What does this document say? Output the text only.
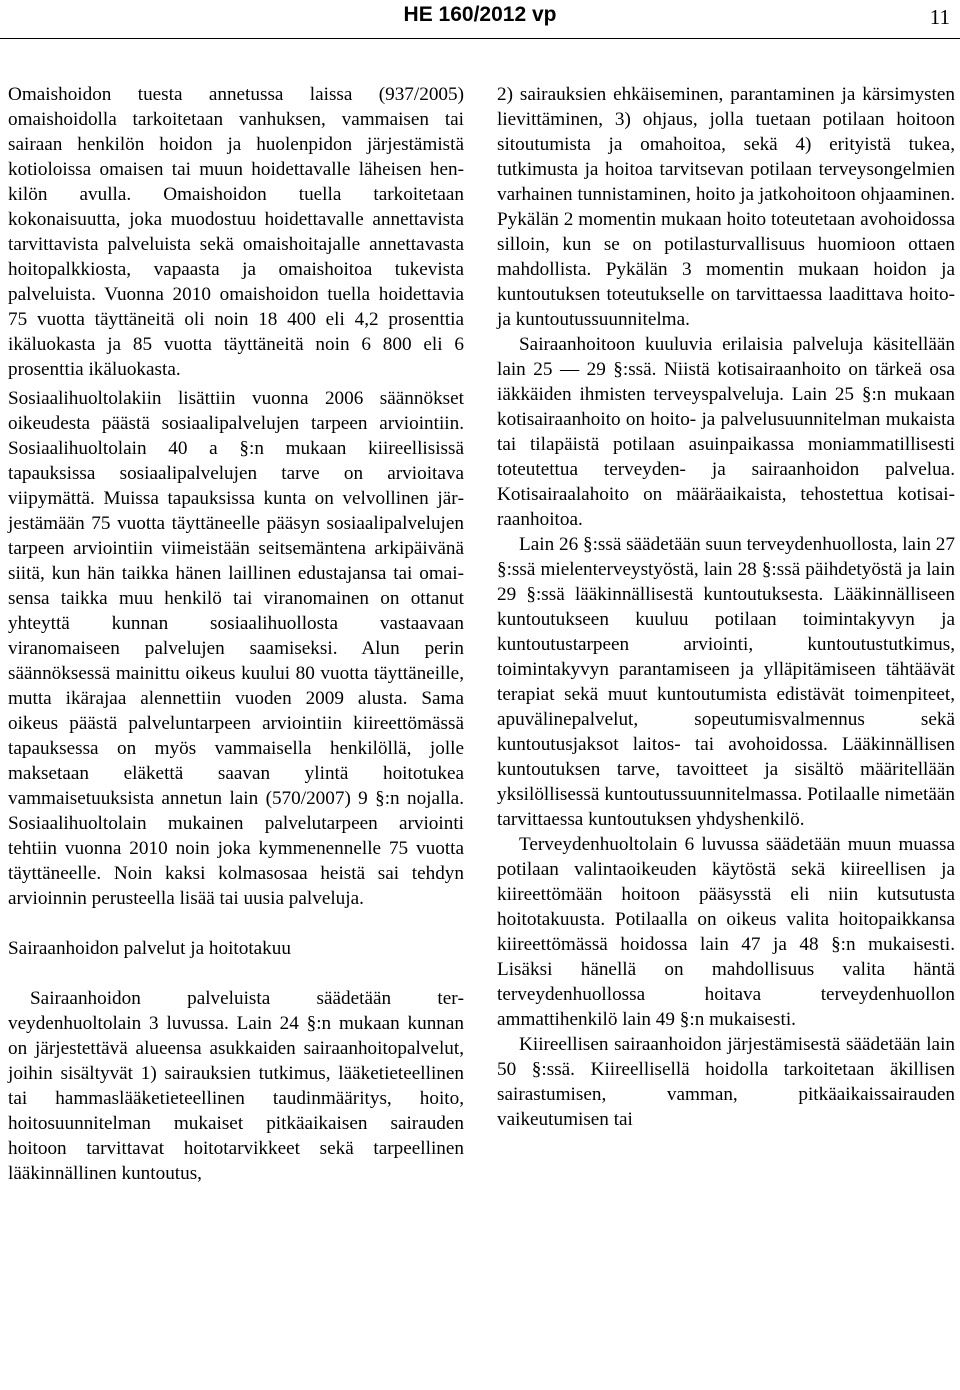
HE 160/2012 vp	11

Omaishoidon tuesta annetussa laissa (937/2005) omaishoidolla tarkoitetaan vanhuksen, vammaisen tai sairaan henkilön hoidon ja huolenpidon järjestämistä kotioloissa omaisen tai muun hoidettavalle läheisen henkilön avulla. Omaishoidon tuella tarkoitetaan kokonaisuutta, joka muodostuu hoidettavalle annettavista tarvittavista palveluista sekä omaishoitajalle annettavasta hoitopalkkiosta, vapaasta ja omaishoitoa tukevista palveluista. Vuonna 2010 omaishoidon tuella hoidettavia 75 vuotta täyttäneitä oli noin 18 400 eli 4,2 prosenttia ikäluokasta ja 85 vuotta täyttäneitä noin 6 800 eli 6 prosenttia ikäluokasta.

Sosiaalihuoltolakiin lisättiin vuonna 2006 säännökset oikeudesta päästä sosiaalipalvelujen tarpeen arviointiin. Sosiaalihuoltolain 40 a §:n mukaan kiireellisissä tapauksissa sosiaalipalvelujen tarve on arvioitava viipymättä. Muissa tapauksissa kunta on velvollinen järjestämään 75 vuotta täyttäneelle pääsyn sosiaalipalvelujen tarpeen arviointiin viimeistään seitsemäntena arkipäivänä siitä, kun hän taikka hänen laillinen edustajansa tai omaisensa taikka muu henkilö tai viranomainen on ottanut yhteyttä kunnan sosiaalihuollosta vastaavaan viranomaiseen palvelujen saamiseksi. Alun perin säännöksessä mainittu oikeus kuului 80 vuotta täyttäneille, mutta ikärajaa alennettiin vuoden 2009 alusta. Sama oikeus päästä palveluntarpeen arviointiin kiireettömässä tapauksessa on myös vammaisella henkilöllä, jolle maksetaan eläkettä saavan ylintä hoitotukea vammaisetuuksista annetun lain (570/2007) 9 §:n nojalla. Sosiaalihuoltolain mukainen palvelutarpeen arviointi tehtiin vuonna 2010 noin joka kymmenennelle 75 vuotta täyttäneelle. Noin kaksi kolmasosaa heistä sai tehdyn arvioinnin perusteella lisää tai uusia palveluja.

Sairaanhoidon palvelut ja hoitotakuu

Sairaanhoidon palveluista säädetään terveydenhuoltolain 3 luvussa. Lain 24 §:n mukaan kunnan on järjestettävä alueensa asukkaiden sairaanhoitopalvelut, joihin sisältyvät 1) sairauksien tutkimus, lääketieteellinen tai hammaslääketieteellinen taudinmääritys, hoito, hoitosuunnitelman mukaiset pitkäaikaisen sairauden hoitoon tarvittavat hoitotarvikkeet sekä tarpeellinen lääkinnällinen kuntoutus,

2) sairauksien ehkäiseminen, parantaminen ja kärsimysten lievittäminen, 3) ohjaus, jolla tuetaan potilaan hoitoon sitoutumista ja omahoitoa, sekä 4) erityistä tukea, tutkimusta ja hoitoa tarvitsevan potilaan terveysongelmien varhainen tunnistaminen, hoito ja jatkohoitoon ohjaaminen. Pykälän 2 momentin mukaan hoito toteutetaan avohoidossa silloin, kun se on potilasturvallisuus huomioon ottaen mahdollista. Pykälän 3 momentin mukaan hoidon ja kuntoutuksen toteutukselle on tarvittaessa laadittava hoito- ja kuntoutussuunnitelma.

Sairaanhoitoon kuuluvia erilaisia palveluja käsitellään lain 25 — 29 §:ssä. Niistä kotisairaanhoito on tärkeä osa iäkkäiden ihmisten terveyspalveluja. Lain 25 §:n mukaan kotisairaanhoito on hoito- ja palvelusuunnitelman mukaista tai tilapäistä potilaan asuinpaikassa moniammatillisesti toteutettua terveyden- ja sairaanhoidon palvelua. Kotisairaalahoito on määräaikaista, tehostettua kotisairaanhoitoa.

Lain 26 §:ssä säädetään suun terveydenhuollosta, lain 27 §:ssä mielenterveystyöstä, lain 28 §:ssä päihdetyöstä ja lain 29 §:ssä lääkinnällisestä kuntoutuksesta. Lääkinnälliseen kuntoutukseen kuuluu potilaan toimintakyvyn ja kuntoutustarpeen arviointi, kuntoutustutkimus, toimintakyvyn parantamiseen ja ylläpitämiseen tähtäävät terapiat sekä muut kuntoutumista edistävät toimenpiteet, apuvälinepalvelut, sopeutumisvalmennus sekä kuntoutusjaksot laitos- tai avohoidossa. Lääkinnällisen kuntoutuksen tarve, tavoitteet ja sisältö määritellään yksilöllisessä kuntoutussuunnitelmassa. Potilaalle nimetään tarvittaessa kuntoutuksen yhdyshenkilö.

Terveydenhuoltolain 6 luvussa säädetään muun muassa potilaan valintaoikeuden käytöstä sekä kiireellisen ja kiireettömään hoitoon pääsysstä eli niin kutsutusta hoitotakuusta. Potilaalla on oikeus valita hoitopaikkansa kiireettömässä hoidossa lain 47 ja 48 §:n mukaisesti. Lisäksi hänellä on mahdollisuus valita häntä terveydenhuollossa hoitava terveydenhuollon ammattihenkilö lain 49 §:n mukaisesti.

Kiireellisen sairaanhoidon järjestämisestä säädetään lain 50 §:ssä. Kiireellisellä hoidolla tarkoitetaan äkillisen sairastumisen, vamman, pitkäaikaissairauden vaikeutumisen tai
